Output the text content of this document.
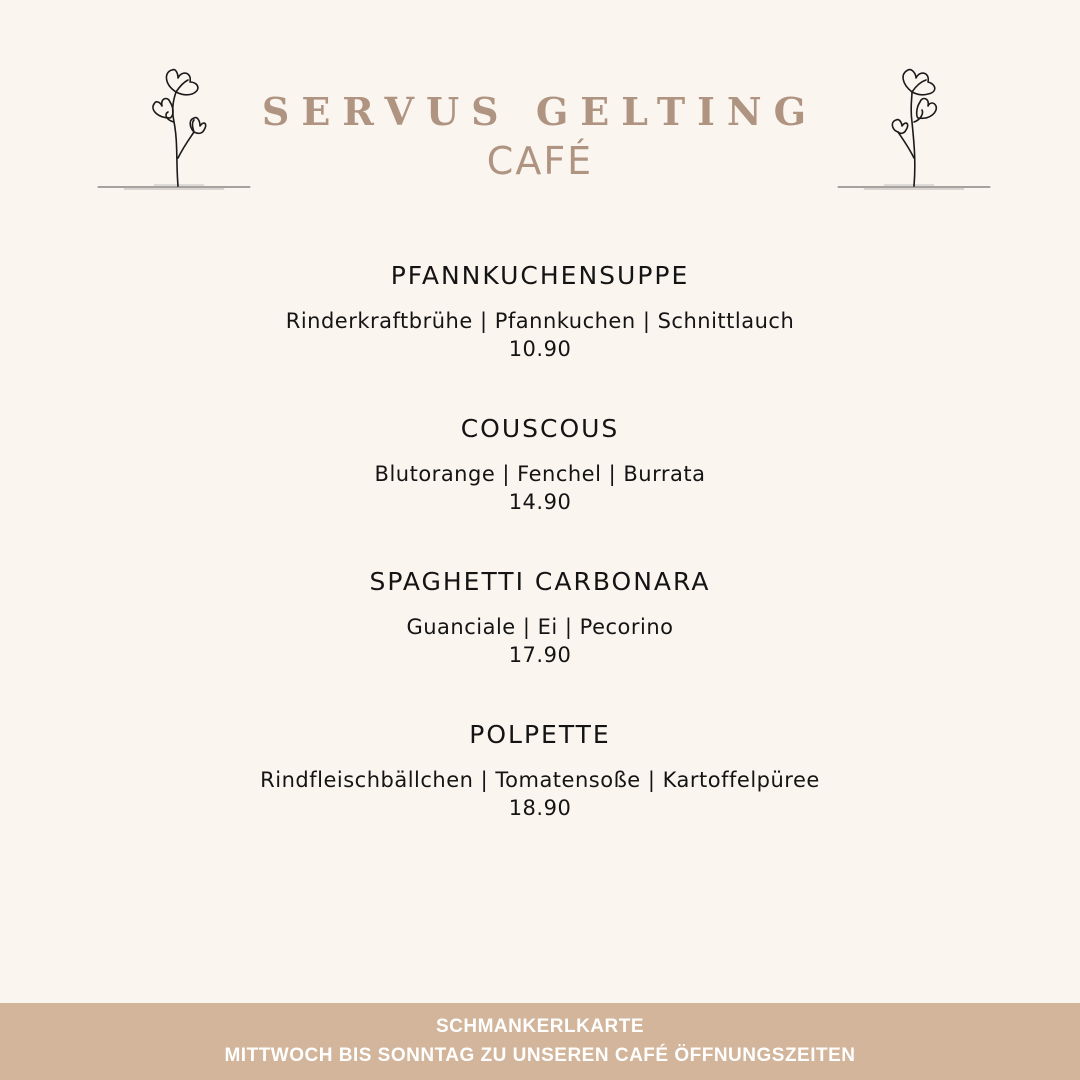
SERVUS GELTING
CAFÉ
PFANNKUCHENSUPPE
Rinderkraftbrühe | Pfannkuchen | Schnittlauch
10.90
COUSCOUS
Blutorange | Fenchel | Burrata
14.90
SPAGHETTI CARBONARA
Guanciale | Ei | Pecorino
17.90
POLPETTE
Rindfleischbällchen | Tomatensoße | Kartoffelpüree
18.90
SCHMANKERLKARTE
MITTWOCH BIS SONNTAG ZU UNSEREN CAFÉ ÖFFNUNGSZEITEN
